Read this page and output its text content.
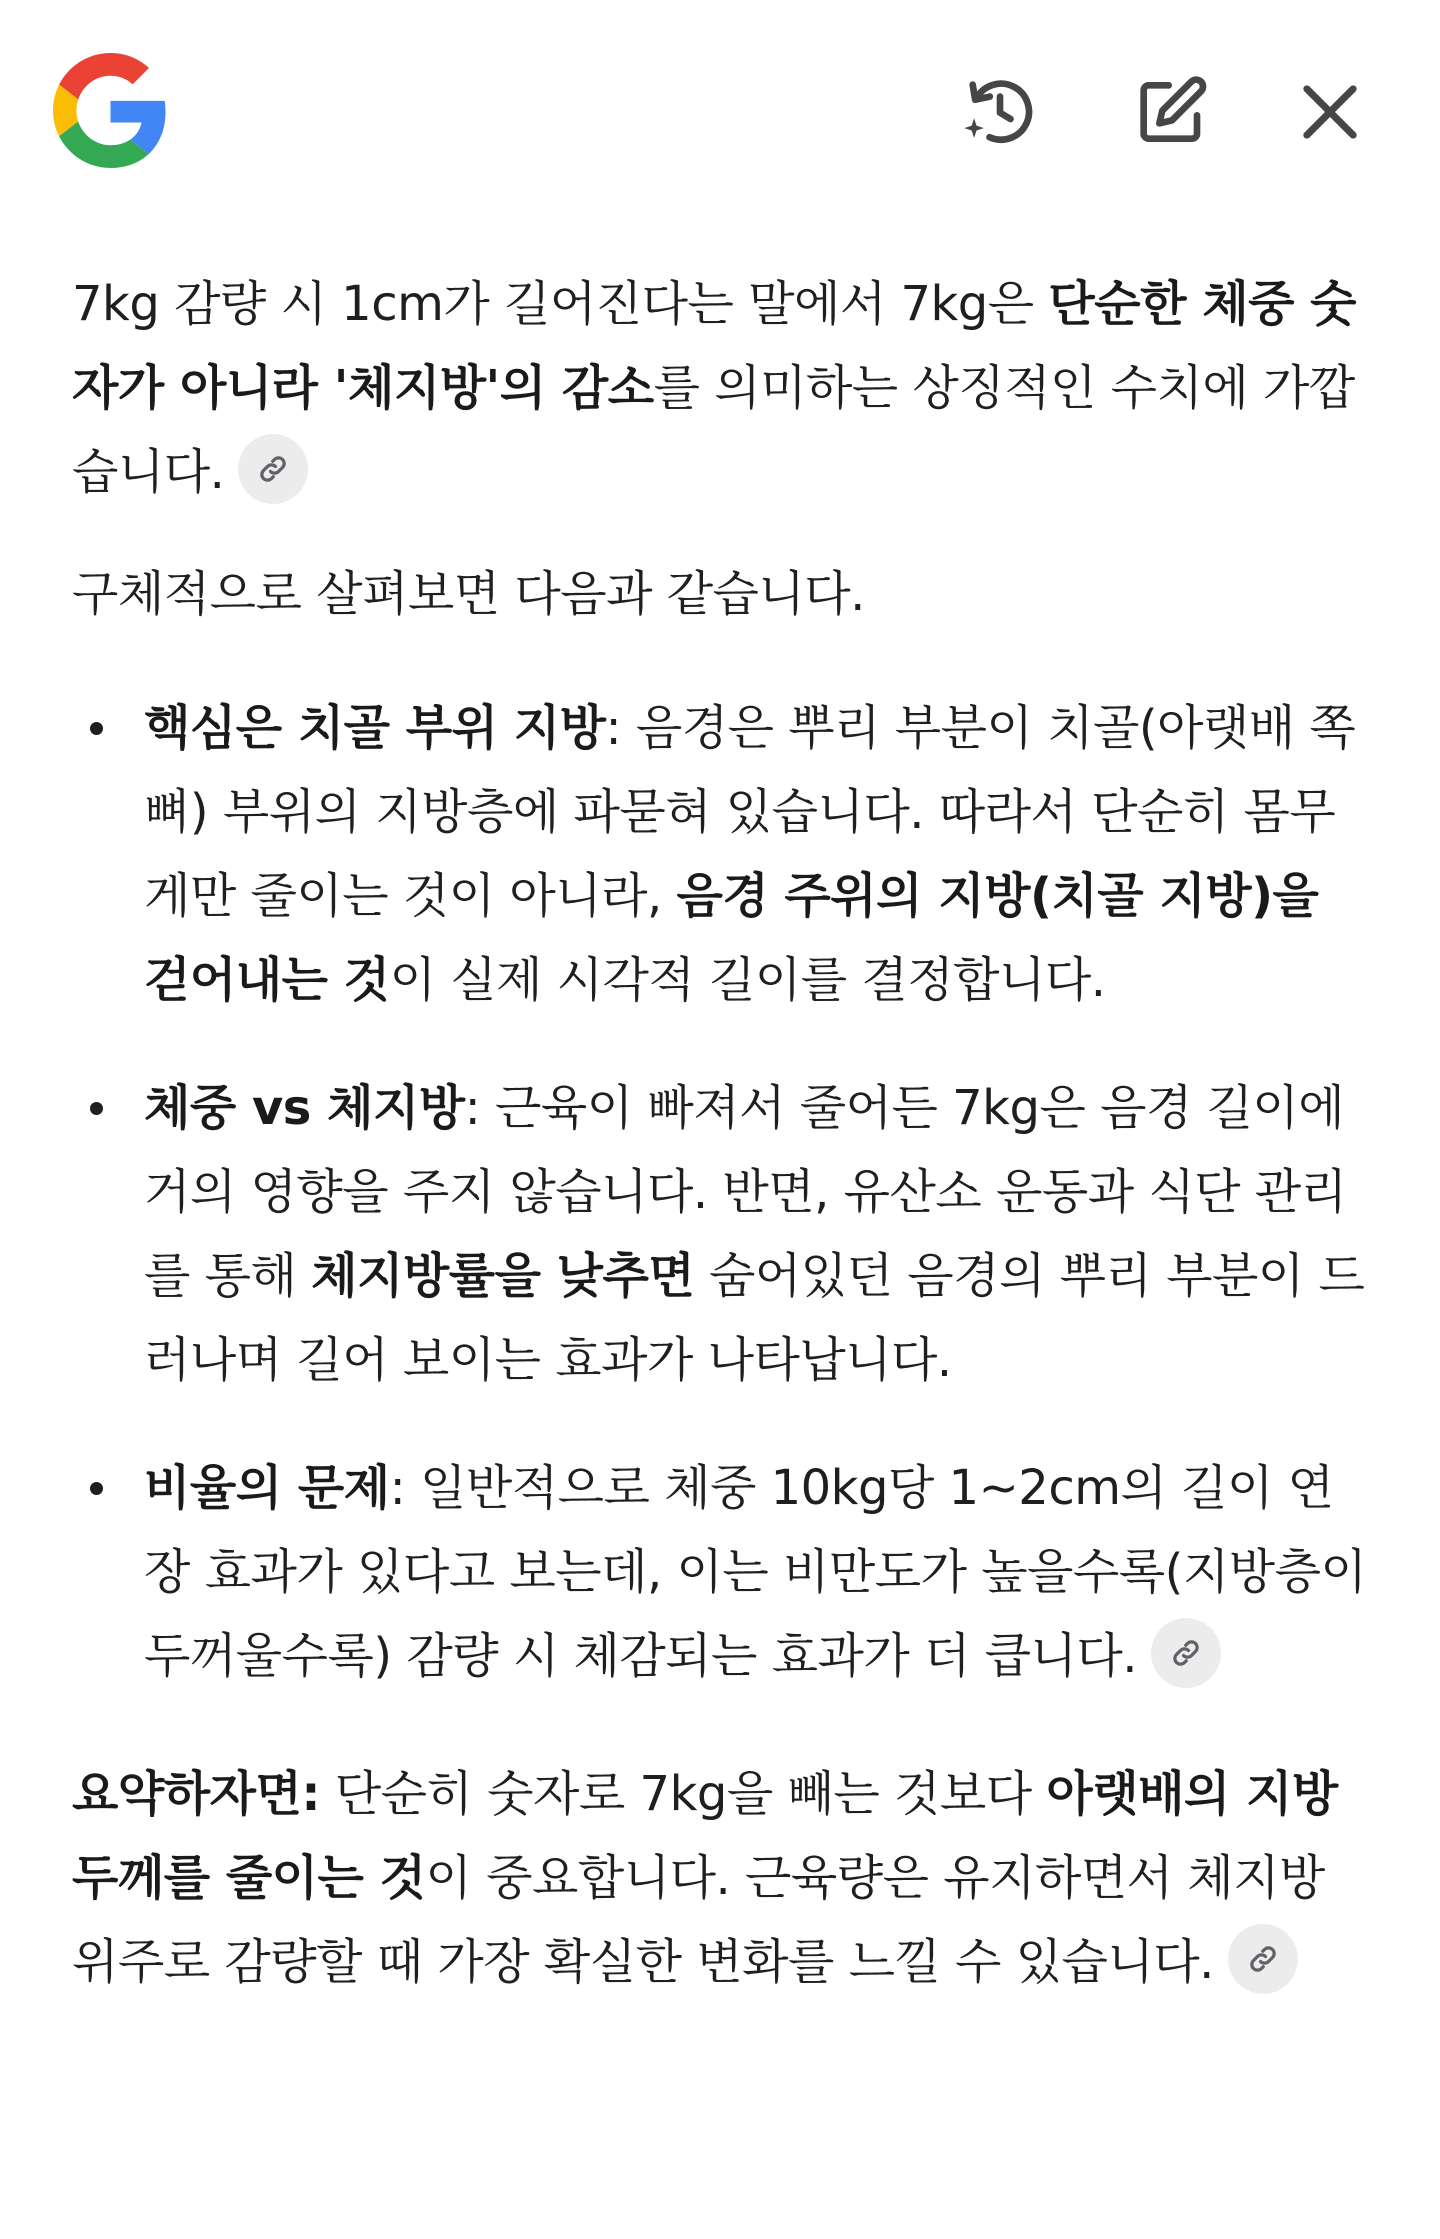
7kg 감량 시 1cm가 길어진다는 말에서 7kg은 단순한 체중 숫자가 아니라 '체지방'의 감소를 의미하는 상징적인 수치에 가깝습니다.

구체적으로 살펴보면 다음과 같습니다.

핵심은 치골 부위 지방: 음경은 뿌리 부분이 치골(아랫배 쪽 뼈) 부위의 지방층에 파묻혀 있습니다. 따라서 단순히 몸무게만 줄이는 것이 아니라, 음경 주위의 지방(치골 지방)을 걷어내는 것이 실제 시각적 길이를 결정합니다.
체중 vs 체지방: 근육이 빠져서 줄어든 7kg은 음경 길이에 거의 영향을 주지 않습니다. 반면, 유산소 운동과 식단 관리를 통해 체지방률을 낮추면 숨어있던 음경의 뿌리 부분이 드러나며 길어 보이는 효과가 나타납니다.
비율의 문제: 일반적으로 체중 10kg당 1~2cm의 길이 연장 효과가 있다고 보는데, 이는 비만도가 높을수록(지방층이 두꺼울수록) 감량 시 체감되는 효과가 더 큽니다.

요약하자면: 단순히 숫자로 7kg을 빼는 것보다 아랫배의 지방 두께를 줄이는 것이 중요합니다. 근육량은 유지하면서 체지방 위주로 감량할 때 가장 확실한 변화를 느낄 수 있습니다.
